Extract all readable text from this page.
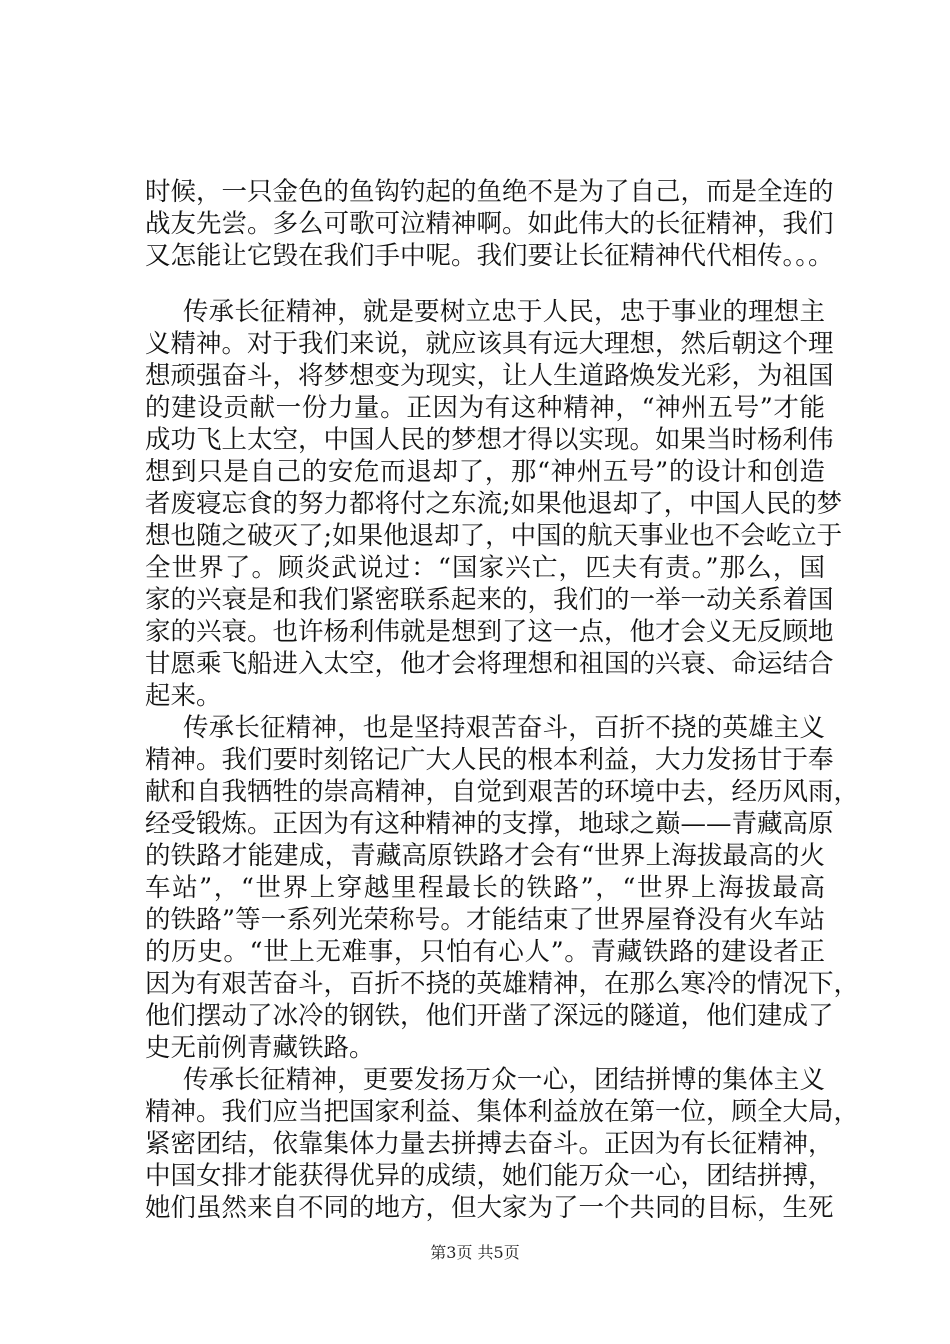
时候，一只金色的鱼钩钓起的鱼绝不是为了自己，而是全连的
战友先尝。多么可歌可泣精神啊。如此伟大的长征精神，我们
又怎能让它毁在我们手中呢。我们要让长征精神代代相传。。。
传承长征精神，就是要树立忠于人民，忠于事业的理想主
义精神。对于我们来说，就应该具有远大理想，然后朝这个理
想顽强奋斗，将梦想变为现实，让人生道路焕发光彩，为祖国
的建设贡献一份力量。正因为有这种精神，“神州五号”才能
成功飞上太空，中国人民的梦想才得以实现。如果当时杨利伟
想到只是自己的安危而退却了，那“神州五号”的设计和创造
者废寝忘食的努力都将付之东流;如果他退却了，中国人民的梦
想也随之破灭了;如果他退却了，中国的航天事业也不会屹立于
全世界了。顾炎武说过：“国家兴亡，匹夫有责。”那么，国
家的兴衰是和我们紧密联系起来的，我们的一举一动关系着国
家的兴衰。也许杨利伟就是想到了这一点，他才会义无反顾地
甘愿乘飞船进入太空，他才会将理想和祖国的兴衰、命运结合
起来。
传承长征精神，也是坚持艰苦奋斗，百折不挠的英雄主义
精神。我们要时刻铭记广大人民的根本利益，大力发扬甘于奉
献和自我牺牲的崇高精神，自觉到艰苦的环境中去，经历风雨，
经受锻炼。正因为有这种精神的支撑，地球之巅——青藏高原
的铁路才能建成，青藏高原铁路才会有“世界上海拔最高的火
车站”，“世界上穿越里程最长的铁路”，“世界上海拔最高
的铁路”等一系列光荣称号。才能结束了世界屋脊没有火车站
的历史。“世上无难事，只怕有心人”。青藏铁路的建设者正
因为有艰苦奋斗，百折不挠的英雄精神，在那么寒冷的情况下，
他们摆动了冰冷的钢铁，他们开凿了深远的隧道，他们建成了
史无前例青藏铁路。
传承长征精神，更要发扬万众一心，团结拼博的集体主义
精神。我们应当把国家利益、集体利益放在第一位，顾全大局，
紧密团结，依靠集体力量去拼搏去奋斗。正因为有长征精神，
中国女排才能获得优异的成绩，她们能万众一心，团结拼搏，
她们虽然来自不同的地方，但大家为了一个共同的目标，生死
第3页 共5页
